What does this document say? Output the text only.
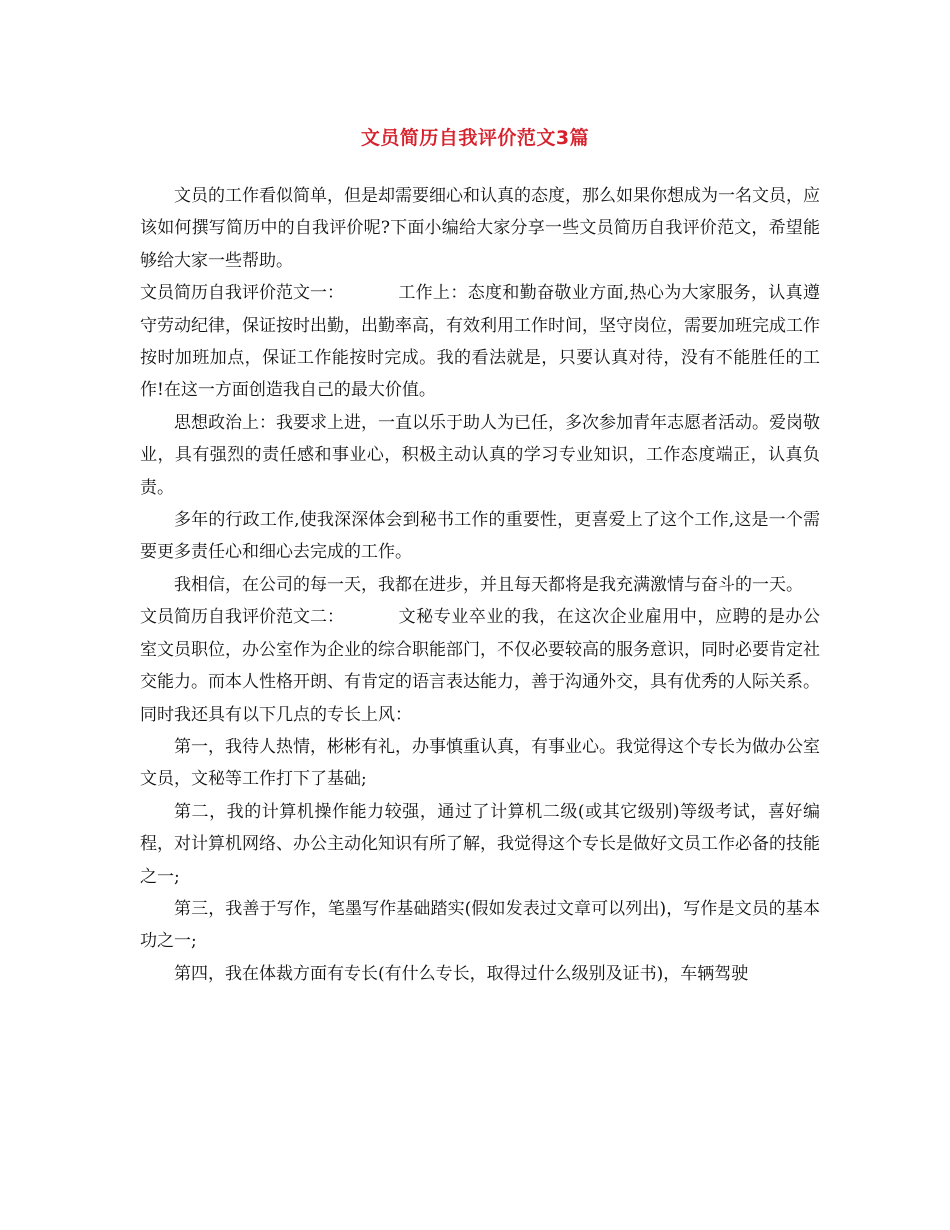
文员简历自我评价范文3篇

文员的工作看似简单，但是却需要细心和认真的态度，那么如果你想成为一名文员，应该如何撰写简历中的自我评价呢?下面小编给大家分享一些文员简历自我评价范文，希望能够给大家一些帮助。

文员简历自我评价范文一：	工作上：态度和勤奋敬业方面,热心为大家服务，认真遵守劳动纪律，保证按时出勤，出勤率高，有效利用工作时间，坚守岗位，需要加班完成工作按时加班加点，保证工作能按时完成。我的看法就是，只要认真对待，没有不能胜任的工作!在这一方面创造我自己的最大价值。

思想政治上：我要求上进，一直以乐于助人为已任，多次参加青年志愿者活动。爱岗敬业，具有强烈的责任感和事业心，积极主动认真的学习专业知识，工作态度端正，认真负责。

多年的行政工作,使我深深体会到秘书工作的重要性，更喜爱上了这个工作,这是一个需要更多责任心和细心去完成的工作。

我相信，在公司的每一天，我都在进步，并且每天都将是我充满激情与奋斗的一天。

文员简历自我评价范文二：	文秘专业卒业的我，在这次企业雇用中，应聘的是办公室文员职位，办公室作为企业的综合职能部门，不仅必要较高的服务意识，同时必要肯定社交能力。而本人性格开朗、有肯定的语言表达能力，善于沟通外交，具有优秀的人际关系。同时我还具有以下几点的专长上风：

第一，我待人热情，彬彬有礼，办事慎重认真，有事业心。我觉得这个专长为做办公室文员，文秘等工作打下了基础;

第二，我的计算机操作能力较强，通过了计算机二级(或其它级别)等级考试，喜好编程，对计算机网络、办公主动化知识有所了解，我觉得这个专长是做好文员工作必备的技能之一;

第三，我善于写作，笔墨写作基础踏实(假如发表过文章可以列出)，写作是文员的基本功之一;

第四，我在体裁方面有专长(有什么专长，取得过什么级别及证书)，车辆驾驶
